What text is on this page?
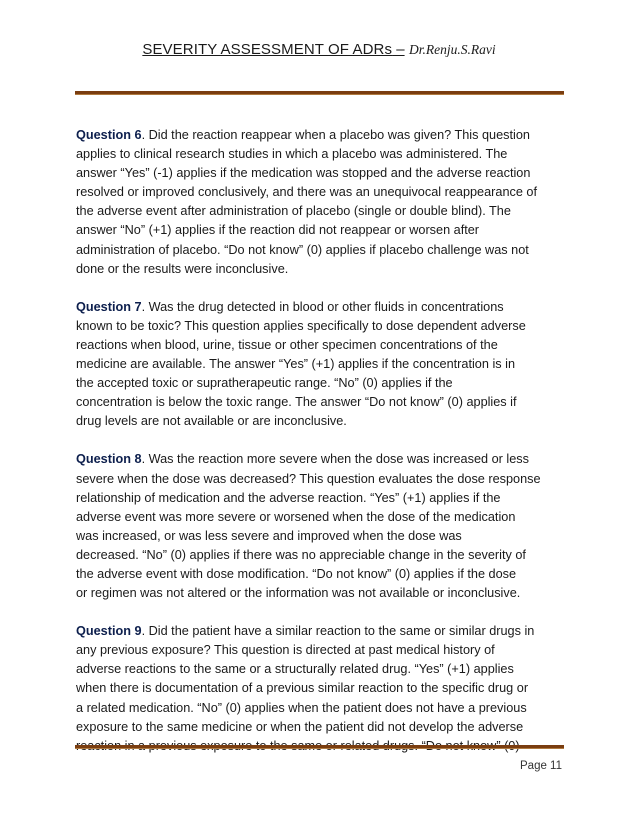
SEVERITY ASSESSMENT OF ADRs – Dr.Renju.S.Ravi

Question 6. Did the reaction reappear when a placebo was given? This question
applies to clinical research studies in which a placebo was administered. The
answer “Yes” (-1) applies if the medication was stopped and the adverse reaction
resolved or improved conclusively, and there was an unequivocal reappearance of
the adverse event after administration of placebo (single or double blind). The
answer “No” (+1) applies if the reaction did not reappear or worsen after
administration of placebo. “Do not know” (0) applies if placebo challenge was not
done or the results were inconclusive.

Question 7. Was the drug detected in blood or other fluids in concentrations
known to be toxic? This question applies specifically to dose dependent adverse
reactions when blood, urine, tissue or other specimen concentrations of the
medicine are available. The answer “Yes” (+1) applies if the concentration is in
the accepted toxic or supratherapeutic range. “No” (0) applies if the
concentration is below the toxic range. The answer “Do not know” (0) applies if
drug levels are not available or are inconclusive.

Question 8. Was the reaction more severe when the dose was increased or less
severe when the dose was decreased? This question evaluates the dose response
relationship of medication and the adverse reaction. “Yes” (+1) applies if the
adverse event was more severe or worsened when the dose of the medication
was increased, or was less severe and improved when the dose was
decreased. “No” (0) applies if there was no appreciable change in the severity of
the adverse event with dose modification. “Do not know” (0) applies if the dose
or regimen was not altered or the information was not available or inconclusive.

Question 9. Did the patient have a similar reaction to the same or similar drugs in
any previous exposure? This question is directed at past medical history of
adverse reactions to the same or a structurally related drug. “Yes” (+1) applies
when there is documentation of a previous similar reaction to the specific drug or
a related medication. “No” (0) applies when the patient does not have a previous
exposure to the same medicine or when the patient did not develop the adverse
reaction in a previous exposure to the same or related drugs. “Do not know” (0)

Page 11
